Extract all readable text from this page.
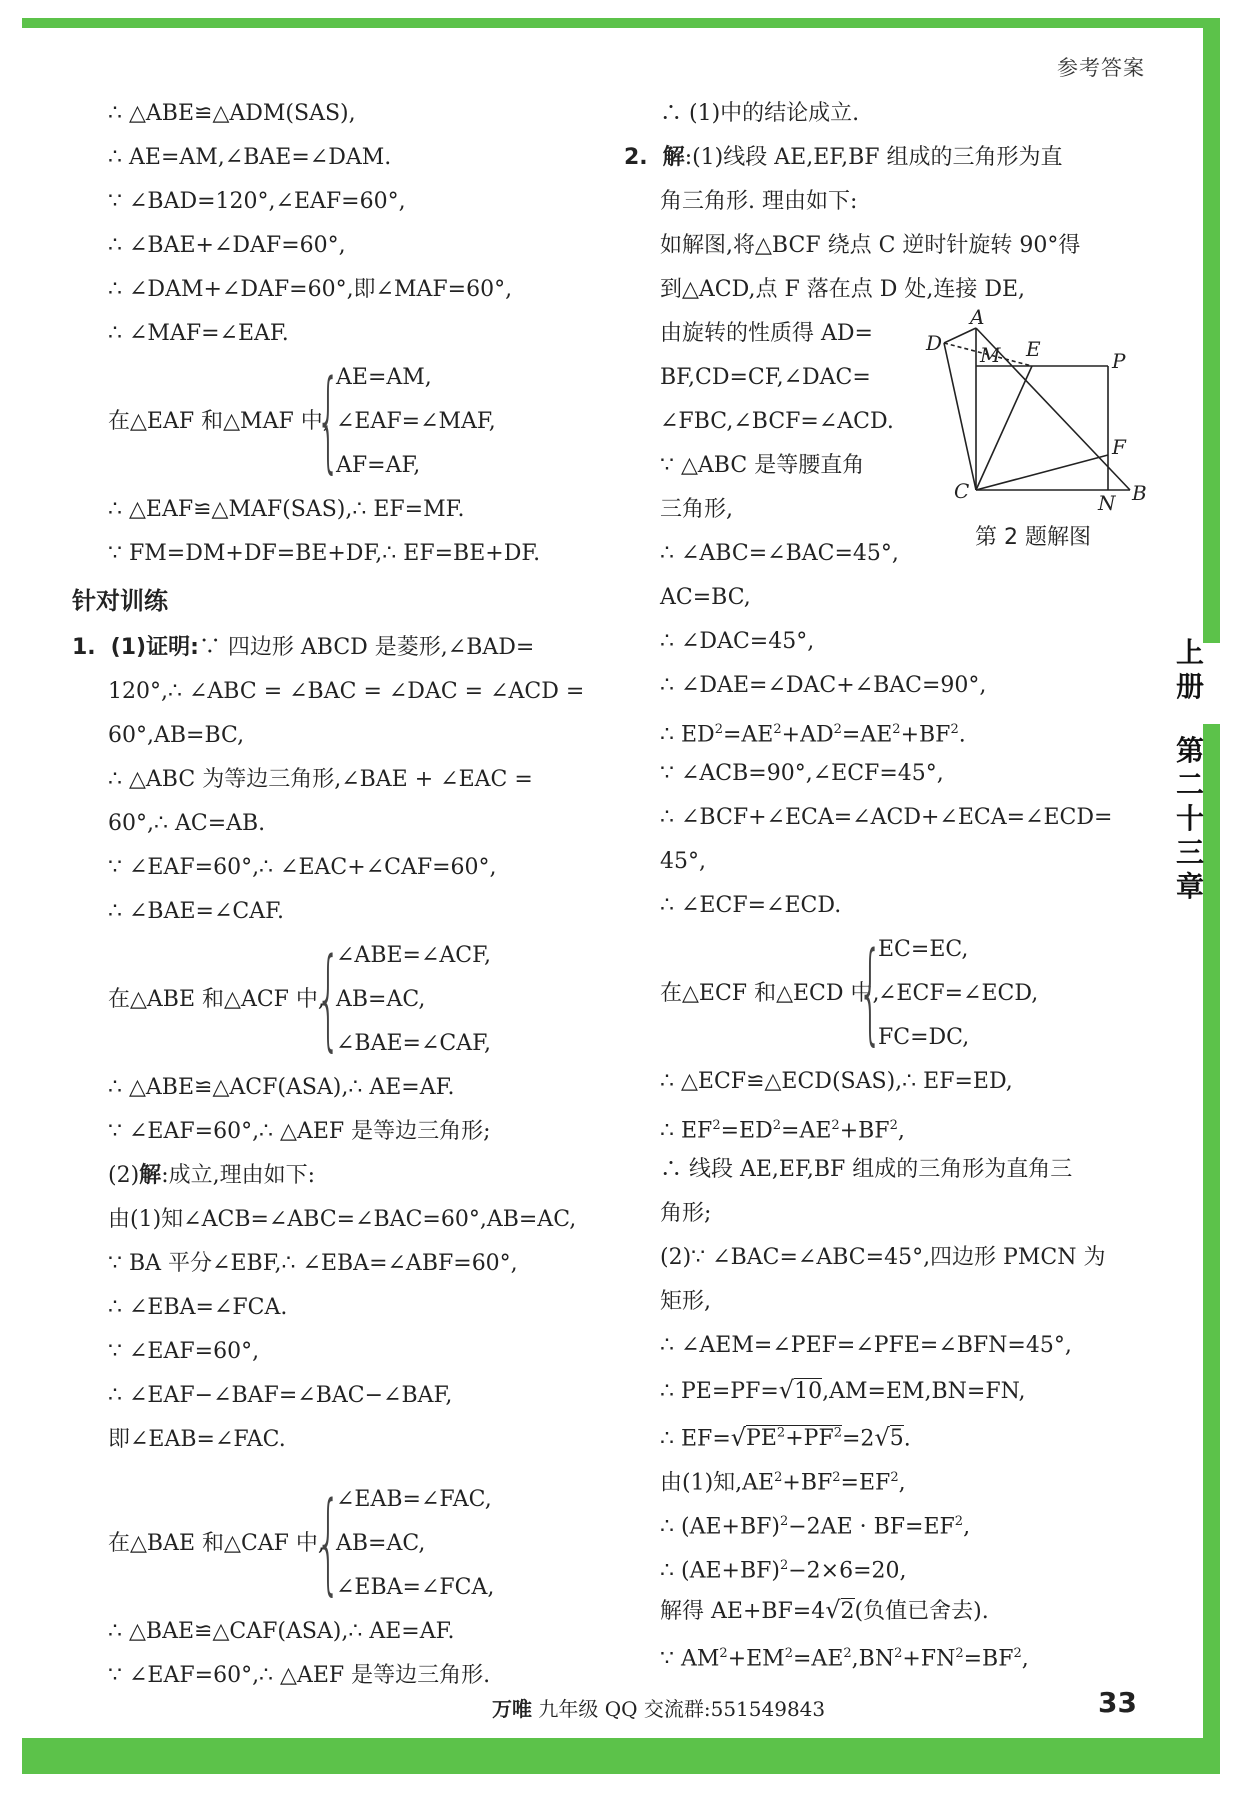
参考答案
上册
第二十三章
∴ △ABE≌△ADM(SAS),
∴ AE=AM,∠BAE=∠DAM.
∵ ∠BAD=120°,∠EAF=60°,
∴ ∠BAE+∠DAF=60°,
∴ ∠DAM+∠DAF=60°,即∠MAF=60°,
∴ ∠MAF=∠EAF.
在△EAF 和△MAF 中,
{
AE=AM,
∠EAF=∠MAF,
AF=AF,
∴ △EAF≌△MAF(SAS),∴ EF=MF.
∵ FM=DM+DF=BE+DF,∴ EF=BE+DF.
针对训练
1. (1)证明:∵ 四边形 ABCD 是菱形,∠BAD=
120°,∴ ∠ABC = ∠BAC = ∠DAC = ∠ACD =
60°,AB=BC,
∴ △ABC 为等边三角形,∠BAE + ∠EAC =
60°,∴ AC=AB.
∵ ∠EAF=60°,∴ ∠EAC+∠CAF=60°,
∴ ∠BAE=∠CAF.
在△ABE 和△ACF 中,
{
∠ABE=∠ACF,
AB=AC,
∠BAE=∠CAF,
∴ △ABE≌△ACF(ASA),∴ AE=AF.
∵ ∠EAF=60°,∴ △AEF 是等边三角形;
(2)解:成立,理由如下:
由(1)知∠ACB=∠ABC=∠BAC=60°,AB=AC,
∵ BA 平分∠EBF,∴ ∠EBA=∠ABF=60°,
∴ ∠EBA=∠FCA.
∵ ∠EAF=60°,
∴ ∠EAF−∠BAF=∠BAC−∠BAF,
即∠EAB=∠FAC.
在△BAE 和△CAF 中,
{
∠EAB=∠FAC,
AB=AC,
∠EBA=∠FCA,
∴ △BAE≌△CAF(ASA),∴ AE=AF.
∵ ∠EAF=60°,∴ △AEF 是等边三角形.
∴ (1)中的结论成立.
2. 解:(1)线段 AE,EF,BF 组成的三角形为直
角三角形. 理由如下:
如解图,将△BCF 绕点 C 逆时针旋转 90°得
到△ACD,点 F 落在点 D 处,连接 DE,
由旋转的性质得 AD=
BF,CD=CF,∠DAC=
∠FBC,∠BCF=∠ACD.
∵ △ABC 是等腰直角
三角形,
∴ ∠ABC=∠BAC=45°,
AC=BC,
∴ ∠DAC=45°,
∴ ∠DAE=∠DAC+∠BAC=90°,
∴ $ED^2=AE^2+AD^2=AE^2+BF^2$.
∵ ∠ACB=90°,∠ECF=45°,
∴ ∠BCF+∠ECA=∠ACD+∠ECA=∠ECD=
45°,
∴ ∠ECF=∠ECD.
在△ECF 和△ECD 中,
{
EC=EC,
∠ECF=∠ECD,
FC=DC,
∴ △ECF≌△ECD(SAS),∴ EF=ED,
∴ $EF^2=ED^2=AE^2+BF^2$,
∴ 线段 AE,EF,BF 组成的三角形为直角三
角形;
(2)∵ ∠BAC=∠ABC=45°,四边形 PMCN 为
矩形,
∴ ∠AEM=∠PEF=∠PFE=∠BFN=45°,
∴ PE=PF=√10,AM=EM,BN=FN,
∴ $EF=√PE^2+PF^2=2√5$.
由(1)知$,AE^2+BF^2=EF^2$,
∴ $(AE+BF)^2-2AE \cdot BF=EF^2$,
∴ $(AE+BF)^2-2\times 6=20$,
解得 AE+BF=4√2(负值已舍去).
∵ $AM^2+EM^2=AE^2,BN^2+FN^2=BF^2$,
A
D M E	P
F
C	N B
第 2 题解图
万唯 九年级 QQ 交流群:551549843	33
